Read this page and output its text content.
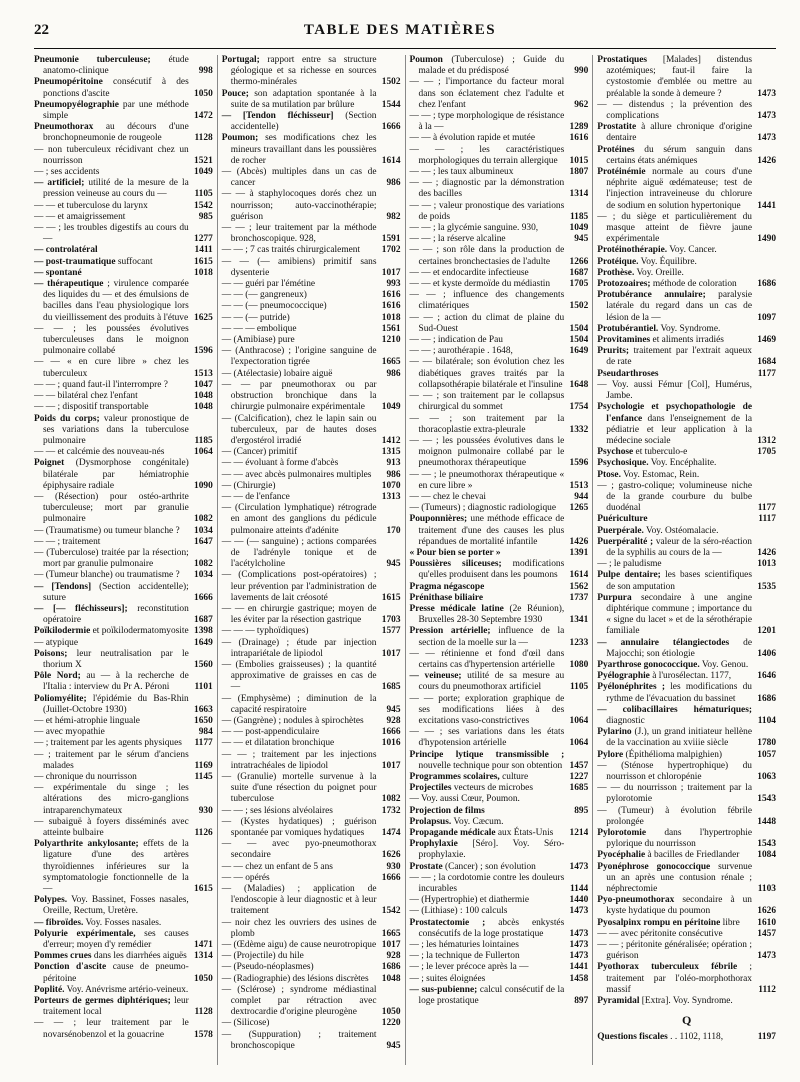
22	TABLE DES MATIÈRES

Pneumonie tuberculeuse; étude anatomo-clinique	998

Pneumopéritoine consécutif à des ponctions d'ascite	1050

Pneumopyélographie par une méthode simple	1472

Pneumothorax au décours d'une bronchopneumonie de rougeole	1128

— non tuberculeux récidivant chez un nourrisson	1521

— ; ses accidents	1049

— artificiel; utilité de la mesure de la pression veineuse au cours du —	1105

— — et tuberculose du larynx	1542

— — et amaigrissement	985

— — ; les troubles digestifs au cours du —	1277

— controlatéral	1411

— post-traumatique suffocant	1615

— spontané	1018

— thérapeutique ; virulence comparée des liquides du — et des émulsions de bacilles dans l'eau physiologique lors du vieillissement des produits à l'étuve 1625

— — ; les poussées évolutives tuberculeuses dans le moignon pulmonaire collabé	1596

— — « en cure libre » chez les tuberculeux	1513

— — ; quand faut-il l'interrompre ?	1047

— — bilatéral chez l'enfant	1048

— — ; dispositif transportable	1048

Poids du corps; valeur pronostique de ses variations dans la tuberculose pulmonaire	1185

— — et calcémie des nouveau-nés	1064

Poignet (Dysmorphose congénitale) bilatérale par hémiatrophie épiphysaire radiale	1090

— (Résection) pour ostéo-arthrite tuberculeuse; mort par granulie pulmonaire	1082

— (Traumatisme) ou tumeur blanche ? 1034

— — ; traitement	1647

— (Tuberculose) traitée par la résection; mort par granulie pulmonaire	1082

— (Tumeur blanche) ou traumatisme ? 1034

— [Tendons] (Section accidentelle); suture	1666

— [— fléchisseurs]; reconstitution opératoire	1687

Poïkilodermie et poïkilodermatomyosite 1398

— atypique	1649

Poisons; leur neutralisation par le thorium X	1560

Pôle Nord; au — à la recherche de l'Italia : interview du Pr A. Péroni	1101

Poliomyélite; l'épidémie du Bas-Rhin (Juillet-Octobre 1930)	1663

— et hémi-atrophie linguale	1650

— avec myopathie	984

— ; traitement par les agents physiques 1177

— ; traitement par le sérum d'anciens malades	1169

— chronique du nourrisson	1145

— expérimentale du singe ; les altérations des micro-ganglions intraparenchymateux	930

— subaiguë à foyers disséminés avec atteinte bulbaire	1126

Polyarthrite ankylosante; effets de la ligature d'une des artères thyroïdiennes inférieures sur la symptomatologie fonctionnelle de la —	1615

Polypes. Voy. Bassinet, Fosses nasales, Oreille, Rectum, Uretère.

— fibroïdes. Voy. Fosses nasales.

Polyurie expérimentale, ses causes d'erreur; moyen d'y remédier	1471

Pommes crues dans les diarrhées aiguës 1314

Ponction d'ascite cause de pneumo-péritoine	1050

Poplité. Voy. Anévrisme artério-veineux.

Porteurs de germes diphtériques; leur traitement local	1128

— — ; leur traitement par le novarsénobenzol et la gouacrine	1578

Portugal; rapport entre sa structure géologique et sa richesse en sources thermo-minérales	1502

Pouce; son adaptation spontanée à la suite de sa mutilation par brûlure	1544

— [Tendon fléchisseur] (Section accidentelle)	1666

Poumon; ses modifications chez les mineurs travaillant dans les poussières de rocher	1614

— (Abcès) multiples dans un cas de cancer	986

— — à staphylocoques dorés chez un nourrisson; auto-vaccinothérapie; guérison	982

— — ; leur traitement par la méthode bronchoscopique. 928,	1591

— — ; 7 cas traités chirurgicalement 1702

— — (— amibiens) primitif sans dysenterie	1017

— — guéri par l'émétine	993

— — (— gangreneux)	1616

— — (— pneumococcique)	1616

— — (— putride)	1018

— — — embolique	1561

— (Amibiase) pure	1210

— (Anthracose) ; l'origine sanguine de l'expectoration tigrée	1665

— (Atélectasie) lobaire aiguë	986

— — par pneumothorax ou par obstruction bronchique dans la chirurgie pulmonaire expérimentale 1049

— (Calcification), chez le lapin sain ou tuberculeux, par de hautes doses d'ergostérol irradié	1412

— (Cancer) primitif	1315

— — évoluant à forme d'abcès	913

— — avec abcès pulmonaires multiples 986

— (Chirurgie)	1070

— — de l'enfance	1313

— (Circulation lymphatique) rétrograde en amont des ganglions du pédicule pulmonaire atteints d'adénite	170

— — (— sanguine) ; actions comparées de l'adrényle tonique et de l'acétylcholine	945

— (Complications post-opératoires) ; leur prévention par l'administration de lavements de lait créosoté	1615

— — en chirurgie gastrique; moyen de les éviter par la résection gastrique 1703

— — — typhoïdiques)	1577

— (Drainage) ; étude par injection intrapariétale de lipiodol	1017

— (Embolies graisseuses) ; la quantité approximative de graisses en cas de —	1685

— (Emphysème) ; diminution de la capacité respiratoire	945

— (Gangrène) ; nodules à spirochètes 928

— — post-appendiculaire	1666

— — et dilatation bronchique	1016

— — ; traitement par les injections intratrachéales de lipiodol	1017

— (Granulie) mortelle survenue à la suite d'une résection du poignet pour tuberculose	1082

— — ; ses lésions alvéolaires	1732

— (Kystes hydatiques) ; guérison spontanée par vomiques hydatiques 1474

— — avec pyo-pneumothorax secondaire	1626

— — chez un enfant de 5 ans	930

— — opérés	1666

— (Maladies) ; application de l'endoscopie à leur diagnostic et à leur traitement	1542

— noir chez les ouvriers des usines de plomb	1665

— (Œdème aigu) de cause neurotropique 1017

— (Projectile) du hile	928

— (Pseudo-néoplasmes)	1686

— (Radiographie) des lésions discrètes 1048

— (Sclérose) ; syndrome médiastinal complet par rétraction avec dextrocardie d'origine pleurogène	1050

— (Silicose)	1220

— (Suppuration) ; traitement bronchoscopique	945

Poumon (Tuberculose) ; Guide du malade et du prédisposé	990

— — ; l'importance du facteur moral dans son éclatement chez l'adulte et chez l'enfant	962

— — ; type morphologique de résistance à la —	1289

— — à évolution rapide et mutée	1616

— — ; les caractéristiques morphologiques du terrain allergique 1015

— — ; les taux albumineux	1807

— — ; diagnostic par la démonstration des bacilles	1314

— — ; valeur pronostique des variations de poids	1185

— — ; la glycémie sanguine. 930,	1049

— — ; la réserve alcaline	945

— — ; son rôle dans la production de certaines bronchectasies de l'adulte 1266

— — et endocardite infectieuse	1687

— — et kyste dermoïde du médiastin 1705

— — ; influence des changements climatériques	1502

— — ; action du climat de plaine du Sud-Ouest	1504

— — ; indication de Pau	1504

— — ; aurothérapie . 1648,	1649

— — bilatérale; son évolution chez les diabétiques graves traités par la collapsothérapie bilatérale et l'insuline 1648

— — ; son traitement par le collapsus chirurgical du sommet	1754

— — ; son traitement par la thoracoplastie extra-pleurale	1332

— — ; les poussées évolutives dans le moignon pulmonaire collabé par le pneumothorax thérapeutique	1596

— — ; le pneumothorax thérapeutique « en cure libre »	1513

— — chez le chevai	944

— (Tumeurs) ; diagnostic radiologique 1265

Pouponnières; une méthode efficace de traitement d'une des causes les plus répandues de mortalité infantile	1426

« Pour bien se porter »	1391

Poussières siliceuses; modifications qu'elles produisent dans les poumons 1614

Pragma négascope	1562

Prénithase biliaire	1737

Presse médicale latine (2e Réunion), Bruxelles 28-30 Septembre 1930	1341

Pression artérielle; influence de la section de la moelle sur la —	1233

— — rétinienne et fond d'œil dans certains cas d'hypertension artérielle 1080

— veineuse; utilité de sa mesure au cours du pneumothorax artificiel	1105

— — porte; exploration graphique de ses modifications liées à des excitations vaso-constrictives	1064

— — ; ses variations dans les états d'hypotension artérielle	1064

Principe lytique transmissible ; nouvelle technique pour son obtention 1457

Programmes scolaires, culture	1227

Projectiles vecteurs de microbes	1685

— Voy. aussi Cœur, Poumon.

Projection de films	895

Prolapsus. Voy. Cæcum.

Propagande médicale aux États-Unis 1214

Prophylaxie [Séro]. Voy. Séro-prophylaxie.

Prostate (Cancer) ; son évolution	1473

— — ; la cordotomie contre les douleurs incurables	1144

— (Hypertrophie) et diathermie	1440

— (Lithiase) : 100 calculs	1473

Prostatectomie ; abcès enkystés consécutifs de la loge prostatique	1473

— ; les hématuries lointaines	1473

— ; la technique de Fullerton	1473

— ; le lever précoce après la —	1441

— ; suites éloignées	1458

— sus-pubienne; calcul consécutif de la loge prostatique	897

Prostatiques [Malades] distendus azotémiques; faut-il faire la cystostomie d'emblée ou mettre au préalable la sonde à demeure ?	1473

— — distendus ; la prévention des complications	1473

Prostatite à allure chronique d'origine dentaire	1473

Protéines du sérum sanguin dans certains états anémiques	1426

Protéinémie normale au cours d'une néphrite aiguë œdémateuse; test de l'injection intraveineuse du chlorure de sodium en solution hypertonique 1441

— ; du siège et particulièrement du masque atteint de fièvre jaune expérimentale	1490

Protéinothérapie. Voy. Cancer.

Protéique. Voy. Équilibre.

Prothèse. Voy. Oreille.

Protozoaires; méthode de coloration 1686

Protubérance annulaire; paralysie latérale du regard dans un cas de lésion de la —	1097

Protubérantiel. Voy. Syndrome.

Provitamines et aliments irradiés	1469

Prurits; traitement par l'extrait aqueux de rate	1684

Pseudarthroses	1177

— Voy. aussi Fémur [Col], Humérus, Jambe.

Psychologie et psychopathologie de l'enfance dans l'enseignement de la pédiatrie et leur application à la médecine sociale	1312

Psychose et tuberculo-e	1705

Psychosique. Voy. Encéphalite.

Ptose. Voy. Estomac, Rein.

— ; gastro-colique; volumineuse niche de la grande courbure du bulbe duodénal	1177

Puériculture	1117

Puerpérale. Voy. Ostéomalacie.

Puerpéralité ; valeur de la séro-réaction de la syphilis au cours de la —	1426

— ; le paludisme	1013

Pulpe dentaire; les bases scientifiques de son amputation	1535

Purpura secondaire à une angine diphtérique commune ; importance du « signe du lacet » et de la sérothérapie familiale	1201

— annulaire télangiectodes de Majocchi; son étiologie	1406

Pyarthrose gonococcique. Voy. Genou.

Pyélographie à l'urosélectan. 1177,	1646

Pyélonéphrites ; les modifications du rythme de l'évacuation du bassinet 1686

— colibacillaires hématuriques; diagnostic	1104

Pylarino (J.), un grand initiateur hellène de la vaccination au xviiie siècle	1780

Pylore (Épithélioma malpighien)	1057

— (Sténose hypertrophique) du nourrisson et chloropénie	1063

— — du nourrisson ; traitement par la pylorotomie	1543

— (Tumeur) à évolution fébrile prolongée	1448

Pylorotomie dans l'hypertrophie pylorique du nourrisson	1543

Pyocéphalie à bacilles de Friedlander 1084

Pyonéphrose gonococcique survenue un an après une contusion rénale ; néphrectomie	1103

Pyo-pneumothorax secondaire à un kyste hydatique du poumon	1626

Pyosalpinx rompu en péritoine libre 1610

— — avec péritonite consécutive	1457

— — ; péritonite généralisée; opération ; guérison	1473

Pyothorax tuberculeux fébrile ; traitement par l'oléo-morphothorax massif	1112

Pyramidal [Extra]. Voy. Syndrome.

Q

Questions fiscales . . 1102, 1118,	1197
